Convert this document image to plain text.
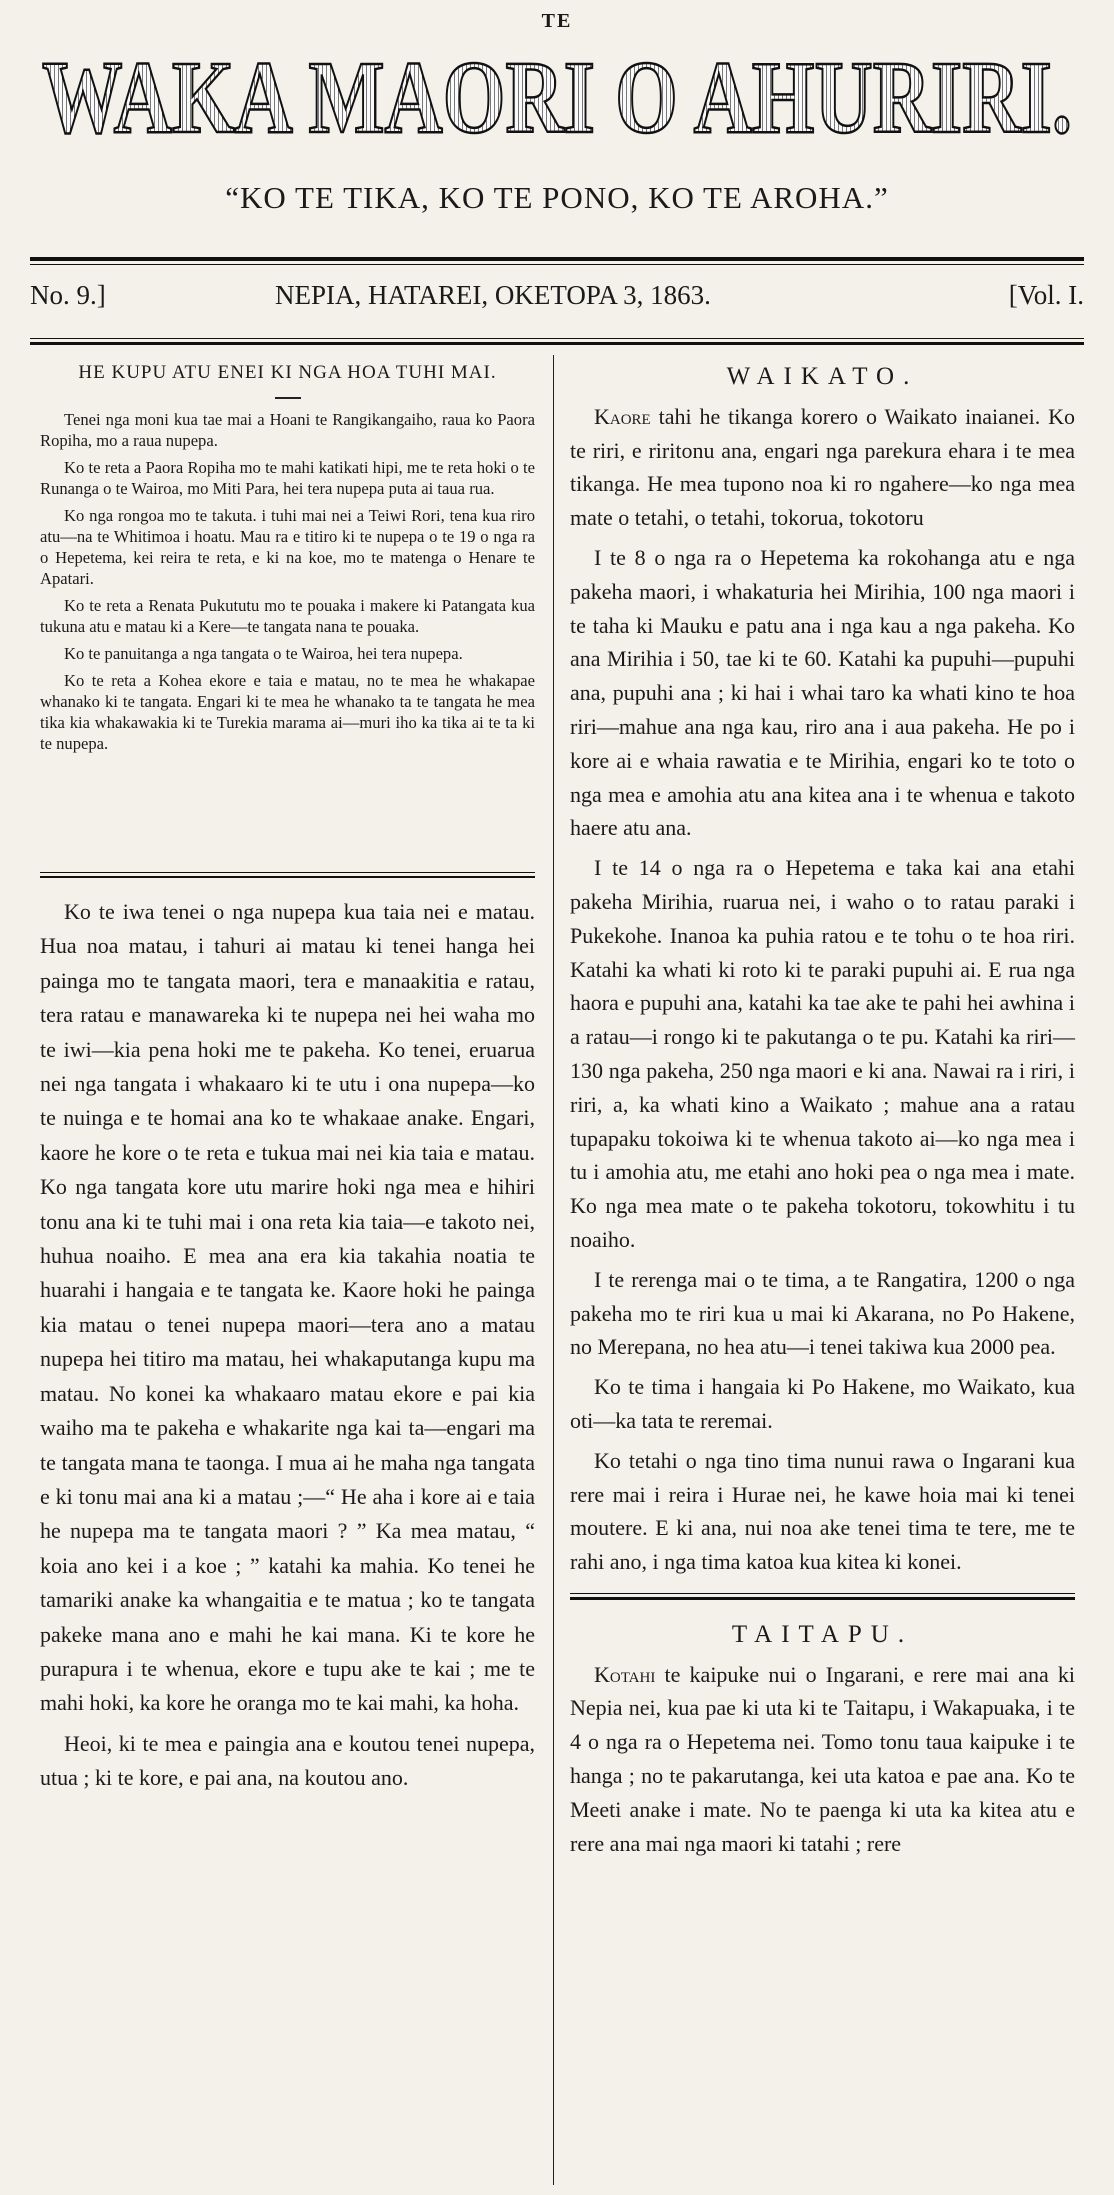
TE
WAKA MAORI O AHURIRI.
“KO TE TIKA, KO TE PONO, KO TE AROHA.”
No. 9.]	NEPIA, HATAREI, OKETOPA 3, 1863.	[Vol. I.

HE KUPU ATU ENEI KI NGA HOA TUHI MAI.

Tenei nga moni kua tae mai a Hoani te Rangikangaiho, raua ko Paora Ropiha, mo a raua nupepa.

Ko te reta a Paora Ropiha mo te mahi katikati hipi, me te reta hoki o te Runanga o te Wairoa, mo Miti Para, hei tera nupepa puta ai taua rua.

Ko nga rongoa mo te takuta. i tuhi mai nei a Teiwi Rori, tena kua riro atu—na te Whitimoa i hoatu. Mau ra e titiro ki te nupepa o te 19 o nga ra o Hepetema, kei reira te reta, e ki na koe, mo te matenga o Henare te Apatari.

Ko te reta a Renata Pukututu mo te pouaka i makere ki Patangata kua tukuna atu e matau ki a Kere—te tangata nana te pouaka.

Ko te panuitanga a nga tangata o te Wairoa, hei tera nupepa.

Ko te reta a Kohea ekore e taia e matau, no te mea he whakapae whanako ki te tangata. Engari ki te mea he whanako ta te tangata he mea tika kia whakawakia ki te Turekia marama ai—muri iho ka tika ai te ta ki te nupepa.

Ko te iwa tenei o nga nupepa kua taia nei e matau. Hua noa matau, i tahuri ai matau ki tenei hanga hei painga mo te tangata maori, tera e manaakitia e ratau, tera ratau e manawareka ki te nupepa nei hei waha mo te iwi—kia pena hoki me te pakeha. Ko tenei, eruarua nei nga tangata i whakaaro ki te utu i ona nupepa—ko te nuinga e te homai ana ko te whakaae anake. Engari, kaore he kore o te reta e tukua mai nei kia taia e matau. Ko nga tangata kore utu marire hoki nga mea e hihiri tonu ana ki te tuhi mai i ona reta kia taia—e takoto nei, huhua noaiho. E mea ana era kia takahia noatia te huarahi i hangaia e te tangata ke. Kaore hoki he painga kia matau o tenei nupepa maori—tera ano a matau nupepa hei titiro ma matau, hei whakaputanga kupu ma matau. No konei ka whakaaro matau ekore e pai kia waiho ma te pakeha e whakarite nga kai ta—engari ma te tangata mana te taonga. I mua ai he maha nga tangata e ki tonu mai ana ki a matau ;—“ He aha i kore ai e taia he nupepa ma te tangata maori ? ” Ka mea matau, “ koia ano kei i a koe ; ” katahi ka mahia. Ko tenei he tamariki anake ka whangaitia e te matua ; ko te tangata pakeke mana ano e mahi he kai mana. Ki te kore he purapura i te whenua, ekore e tupu ake te kai ; me te mahi hoki, ka kore he oranga mo te kai mahi, ka hoha.

Heoi, ki te mea e paingia ana e koutou tenei nupepa, utua ; ki te kore, e pai ana, na koutou ano.

WAIKATO.

Kaore tahi he tikanga korero o Waikato inaianei. Ko te riri, e riritonu ana, engari nga parekura ehara i te mea tikanga. He mea tupono noa ki ro ngahere—ko nga mea mate o tetahi, o tetahi, tokorua, tokotoru

I te 8 o nga ra o Hepetema ka rokohanga atu e nga pakeha maori, i whakaturia hei Mirihia, 100 nga maori i te taha ki Mauku e patu ana i nga kau a nga pakeha. Ko ana Mirihia i 50, tae ki te 60. Katahi ka pupuhi—pupuhi ana, pupuhi ana ; ki hai i whai taro ka whati kino te hoa riri—mahue ana nga kau, riro ana i aua pakeha. He po i kore ai e whaia rawatia e te Mirihia, engari ko te toto o nga mea e amohia atu ana kitea ana i te whenua e takoto haere atu ana.

I te 14 o nga ra o Hepetema e taka kai ana etahi pakeha Mirihia, ruarua nei, i waho o to ratau paraki i Pukekohe. Inanoa ka puhia ratou e te tohu o te hoa riri. Katahi ka whati ki roto ki te paraki pupuhi ai. E rua nga haora e pupuhi ana, katahi ka tae ake te pahi hei awhina i a ratau—i rongo ki te pakutanga o te pu. Katahi ka riri—130 nga pakeha, 250 nga maori e ki ana. Nawai ra i riri, i riri, a, ka whati kino a Waikato ; mahue ana a ratau tupapaku tokoiwa ki te whenua takoto ai—ko nga mea i tu i amohia atu, me etahi ano hoki pea o nga mea i mate. Ko nga mea mate o te pakeha tokotoru, tokowhitu i tu noaiho.

I te rerenga mai o te tima, a te Rangatira, 1200 o nga pakeha mo te riri kua u mai ki Akarana, no Po Hakene, no Merepana, no hea atu—i tenei takiwa kua 2000 pea.

Ko te tima i hangaia ki Po Hakene, mo Waikato, kua oti—ka tata te reremai.

Ko tetahi o nga tino tima nunui rawa o Ingarani kua rere mai i reira i Hurae nei, he kawe hoia mai ki tenei moutere. E ki ana, nui noa ake tenei tima te tere, me te rahi ano, i nga tima katoa kua kitea ki konei.

TAITAPU.

Kotahi te kaipuke nui o Ingarani, e rere mai ana ki Nepia nei, kua pae ki uta ki te Taitapu, i Wakapuaka, i te 4 o nga ra o Hepetema nei. Tomo tonu taua kaipuke i te hanga ; no te pakarutanga, kei uta katoa e pae ana. Ko te Meeti anake i mate. No te paenga ki uta ka kitea atu e rere ana mai nga maori ki tatahi ; rere
